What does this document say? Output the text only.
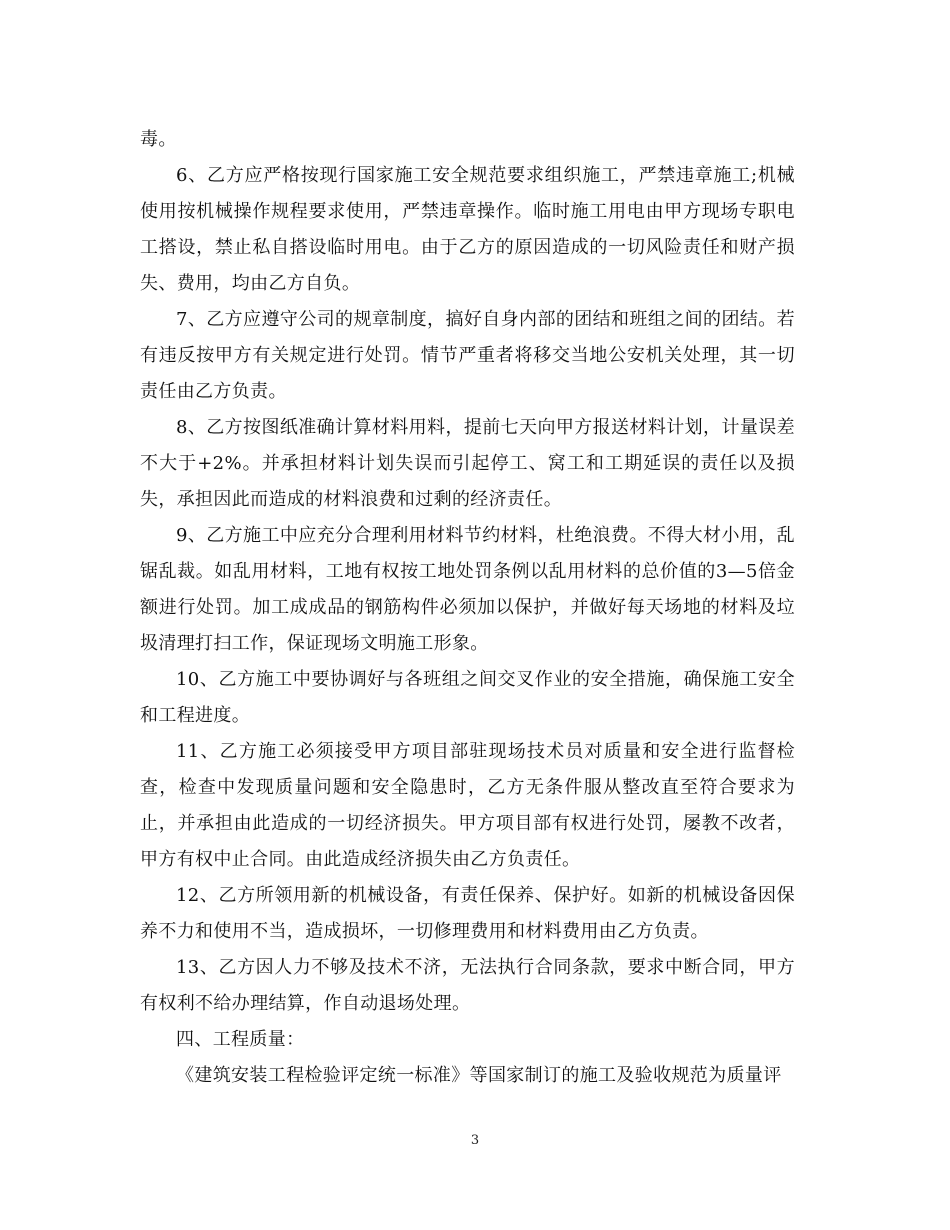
毒。

6、乙方应严格按现行国家施工安全规范要求组织施工，严禁违章施工;机械使用按机械操作规程要求使用，严禁违章操作。临时施工用电由甲方现场专职电工搭设，禁止私自搭设临时用电。由于乙方的原因造成的一切风险责任和财产损失、费用，均由乙方自负。

7、乙方应遵守公司的规章制度，搞好自身内部的团结和班组之间的团结。若有违反按甲方有关规定进行处罚。情节严重者将移交当地公安机关处理，其一切责任由乙方负责。

8、乙方按图纸准确计算材料用料，提前七天向甲方报送材料计划，计量误差不大于+2%。并承担材料计划失误而引起停工、窝工和工期延误的责任以及损失，承担因此而造成的材料浪费和过剩的经济责任。

9、乙方施工中应充分合理利用材料节约材料，杜绝浪费。不得大材小用，乱锯乱裁。如乱用材料，工地有权按工地处罚条例以乱用材料的总价值的3—5倍金额进行处罚。加工成成品的钢筋构件必须加以保护，并做好每天场地的材料及垃圾清理打扫工作，保证现场文明施工形象。

10、乙方施工中要协调好与各班组之间交叉作业的安全措施，确保施工安全和工程进度。

11、乙方施工必须接受甲方项目部驻现场技术员对质量和安全进行监督检查，检查中发现质量问题和安全隐患时，乙方无条件服从整改直至符合要求为止，并承担由此造成的一切经济损失。甲方项目部有权进行处罚，屡教不改者，甲方有权中止合同。由此造成经济损失由乙方负责任。

12、乙方所领用新的机械设备，有责任保养、保护好。如新的机械设备因保养不力和使用不当，造成损坏，一切修理费用和材料费用由乙方负责。

13、乙方因人力不够及技术不济，无法执行合同条款，要求中断合同，甲方有权利不给办理结算，作自动退场处理。

四、工程质量：

《建筑安装工程检验评定统一标准》等国家制订的施工及验收规范为质量评

3
